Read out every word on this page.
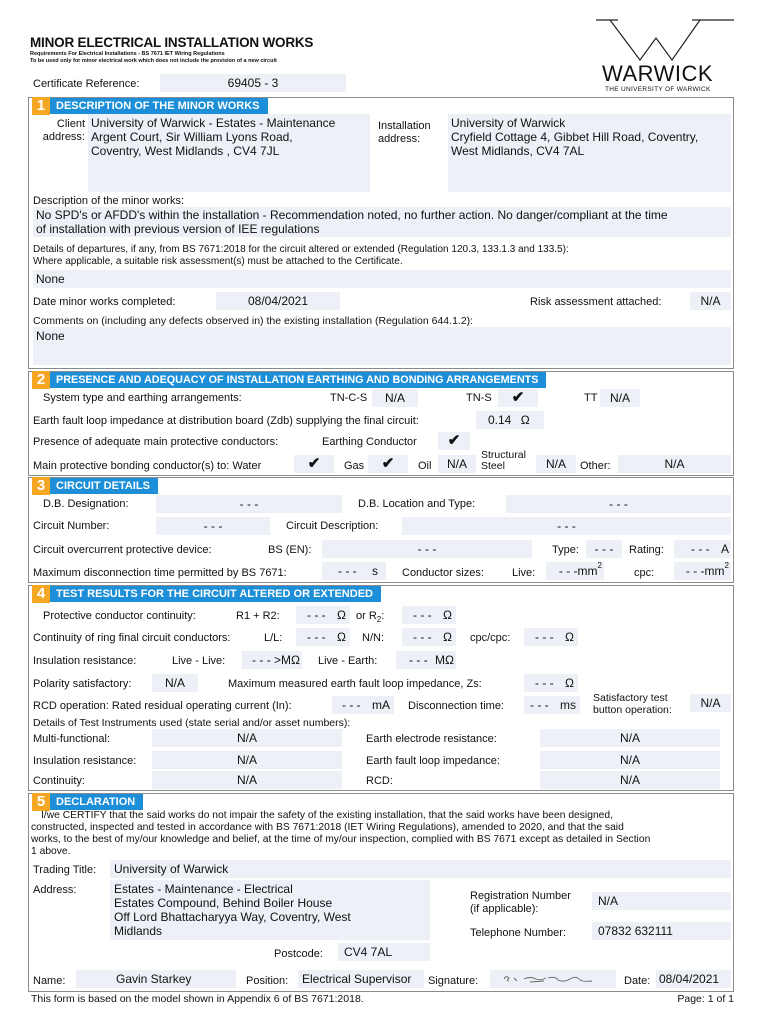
MINOR ELECTRICAL INSTALLATION WORKS
Requirements For Electrical Installations - BS 7671 IET Wiring Regulations
To be used only for minor electrical work which does not include the provision of a new circuit	WARWICK
THE UNIVERSITY OF WARWICK
Certificate Reference:	69405 - 3
1 DESCRIPTION OF THE MINOR WORKS
Client
address:
University of Warwick - Estates - Maintenance
Argent Court, Sir William Lyons Road,
Coventry, West Midlands , CV4 7JL
Installation
address:
University of Warwick
Cryfield Cottage 4, Gibbet Hill Road, Coventry,
West Midlands, CV4 7AL
Description of the minor works:
No SPD's or AFDD's within the installation - Recommendation noted, no further action. No danger/compliant at the time
of installation with previous version of IEE regulations
Details of departures, if any, from BS 7671:2018 for the circuit altered or extended (Regulation 120.3, 133.1.3 and 133.5):
Where applicable, a suitable risk assessment(s) must be attached to the Certificate.
None
Date minor works completed:	08/04/2021	Risk assessment attached:	N/A
Comments on (including any defects observed in) the existing installation (Regulation 644.1.2):
None
2	PRESENCE AND ADEQUACY OF INSTALLATION EARTHING AND BONDING ARRANGEMENTS
System type and earthing arrangements:	TN-C-S	N/A	TN-S	✔	TT	N/A
Earth fault loop impedance at distribution board (Zdb) supplying the final circuit:	0.14 Ω
Presence of adequate main protective conductors:	Earthing Conductor	✔
Main protective bonding conductor(s) to: Water	✔	Gas	✔	Oil	N/A
Structural
Steel	N/A	Other:	N/A
3 CIRCUIT DETAILS
D.B. Designation:	- - -	D.B. Location and Type:	- - -
Circuit Number:	- - -	Circuit Description:	- - -
Circuit overcurrent protective device:	BS (EN):	- - -	Type:	- - -	Rating:	- - - A
Maximum disconnection time permitted by BS 7671:	- - - s	Conductor sizes:	Live:	- - $-mm^2$
cpc:	- - $-mm^2$
4 TEST RESULTS FOR THE CIRCUIT ALTERED OR EXTENDED
Protective conductor continuity:	R1 + R2:	- - - Ω or $R_2$:	- - - Ω
Continuity of ring final circuit conductors:	L/L:	- - - Ω	N/N:	- - - Ω	cpc/cpc:	- - - Ω
Insulation resistance:	Live - Live:	- - - >MΩ Live - Earth:	- - - MΩ
Polarity satisfactory:	N/A	Maximum measured earth fault loop impedance, Zs:	- - - Ω
RCD operation: Rated residual operating current (In):	- - - mA	Disconnection time:	- - - ms	Satisfactory test
button operation:	N/A
Details of Test Instruments used (state serial and/or asset numbers):
Multi-functional:	N/A	Earth electrode resistance:	N/A
Insulation resistance:	N/A	Earth fault loop impedance:	N/A
Continuity:	N/A	RCD:	N/A
5 DECLARATION
I/we CERTIFY that the said works do not impair the safety of the existing installation, that the said works have been designed,
constructed, inspected and tested in accordance with BS 7671:2018 (IET Wiring Regulations), amended to 2020, and that the said
works, to the best of my/our knowledge and belief, at the time of my/our inspection, complied with BS 7671 except as detailed in Section
1 above.
Trading Title:	University of Warwick
Address:	Estates - Maintenance - Electrical
Estates Compound, Behind Boiler House
Off Lord Bhattacharyya Way, Coventry, West
Midlands
Postcode:	CV4 7AL
Registration Number
(if applicable):
N/A
Telephone Number:	07832 632111
Name:	Gavin Starkey	Position:	Electrical Supervisor	Signature:	Date: 08/04/2021
This form is based on the model shown in Appendix 6 of BS 7671:2018.	Page: 1 of 1
